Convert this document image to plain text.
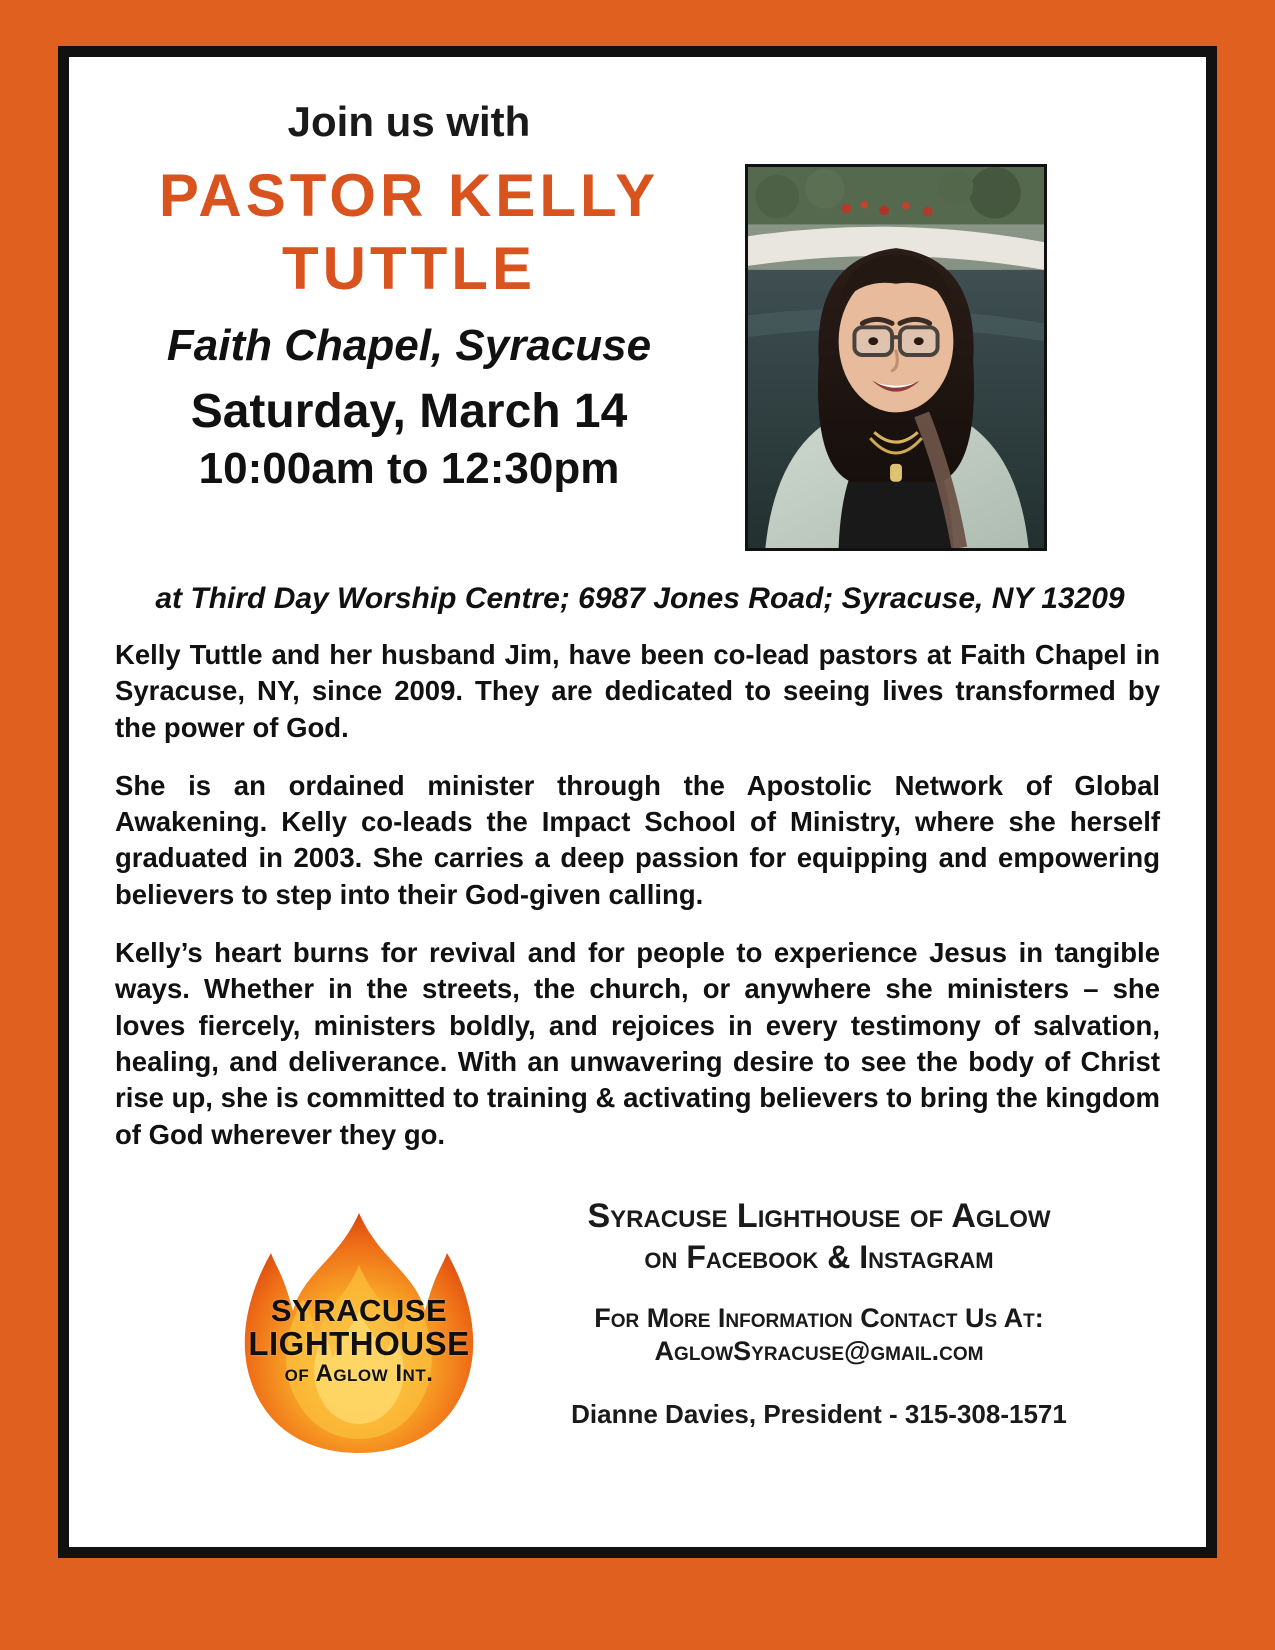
Join us with
PASTOR KELLY
TUTTLE
Faith Chapel, Syracuse
Saturday, March 14
10:00am to 12:30pm
at Third Day Worship Centre; 6987 Jones Road; Syracuse, NY 13209

Kelly Tuttle and her husband Jim, have been co-lead pastors at Faith Chapel in Syracuse, NY, since 2009. They are dedicated to seeing lives transformed by the power of God.

She is an ordained minister through the Apostolic Network of Global Awakening. Kelly co-leads the Impact School of Ministry, where she herself graduated in 2003. She carries a deep passion for equipping and empowering believers to step into their God-given calling.

Kelly’s heart burns for revival and for people to experience Jesus in tangible ways. Whether in the streets, the church, or anywhere she ministers – she loves fiercely, ministers boldly, and rejoices in every testimony of salvation, healing, and deliverance. With an unwavering desire to see the body of Christ rise up, she is committed to training & activating believers to bring the kingdom of God wherever they go.

SYRACUSE
LIGHTHOUSE
of Aglow Int.
Syracuse Lighthouse of Aglow
on Facebook & Instagram
For More Information Contact Us At:
AglowSyracuse@gmail.com
Dianne Davies, President - 315-308-1571
